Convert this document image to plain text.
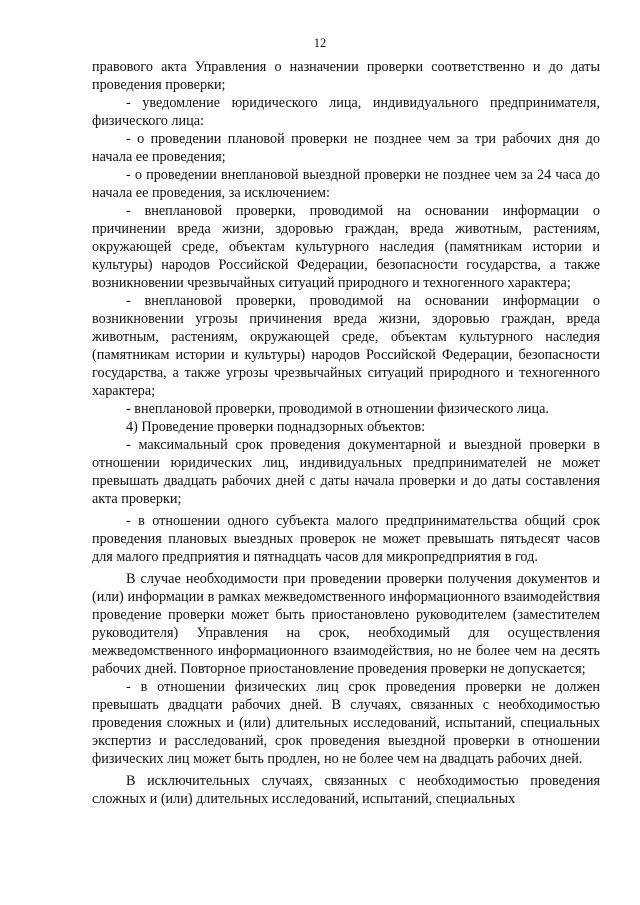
12

правового акта Управления о назначении проверки соответственно и до даты проведения проверки;

- уведомление юридического лица, индивидуального предпринимателя, физического лица:

- о проведении плановой проверки не позднее чем за три рабочих дня до начала ее проведения;

- о проведении внеплановой выездной проверки не позднее чем за 24 часа до начала ее проведения, за исключением:

- внеплановой проверки, проводимой на основании информации о причинении вреда жизни, здоровью граждан, вреда животным, растениям, окружающей среде, объектам культурного наследия (памятникам истории и культуры) народов Российской Федерации, безопасности государства, а также возникновении чрезвычайных ситуаций природного и техногенного характера;

- внеплановой проверки, проводимой на основании информации о возникновении угрозы причинения вреда жизни, здоровью граждан, вреда животным, растениям, окружающей среде, объектам культурного наследия (памятникам истории и культуры) народов Российской Федерации, безопасности государства, а также угрозы чрезвычайных ситуаций природного и техногенного характера;

- внеплановой проверки, проводимой в отношении физического лица.

4) Проведение проверки поднадзорных объектов:

- максимальный срок проведения документарной и выездной проверки в отношении юридических лиц, индивидуальных предпринимателей не может превышать двадцать рабочих дней с даты начала проверки и до даты составления акта проверки;

- в отношении одного субъекта малого предпринимательства общий срок проведения плановых выездных проверок не может превышать пятьдесят часов для малого предприятия и пятнадцать часов для микропредприятия в год.

В случае необходимости при проведении проверки получения документов и (или) информации в рамках межведомственного информационного взаимодействия проведение проверки может быть приостановлено руководителем (заместителем руководителя) Управления на срок, необходимый для осуществления межведомственного информационного взаимодействия, но не более чем на десять рабочих дней. Повторное приостановление проведения проверки не допускается;

- в отношении физических лиц срок проведения проверки не должен превышать двадцати рабочих дней. В случаях, связанных с необходимостью проведения сложных и (или) длительных исследований, испытаний, специальных экспертиз и расследований, срок проведения выездной проверки в отношении физических лиц может быть продлен, но не более чем на двадцать рабочих дней.

В исключительных случаях, связанных с необходимостью проведения сложных и (или) длительных исследований, испытаний, специальных
